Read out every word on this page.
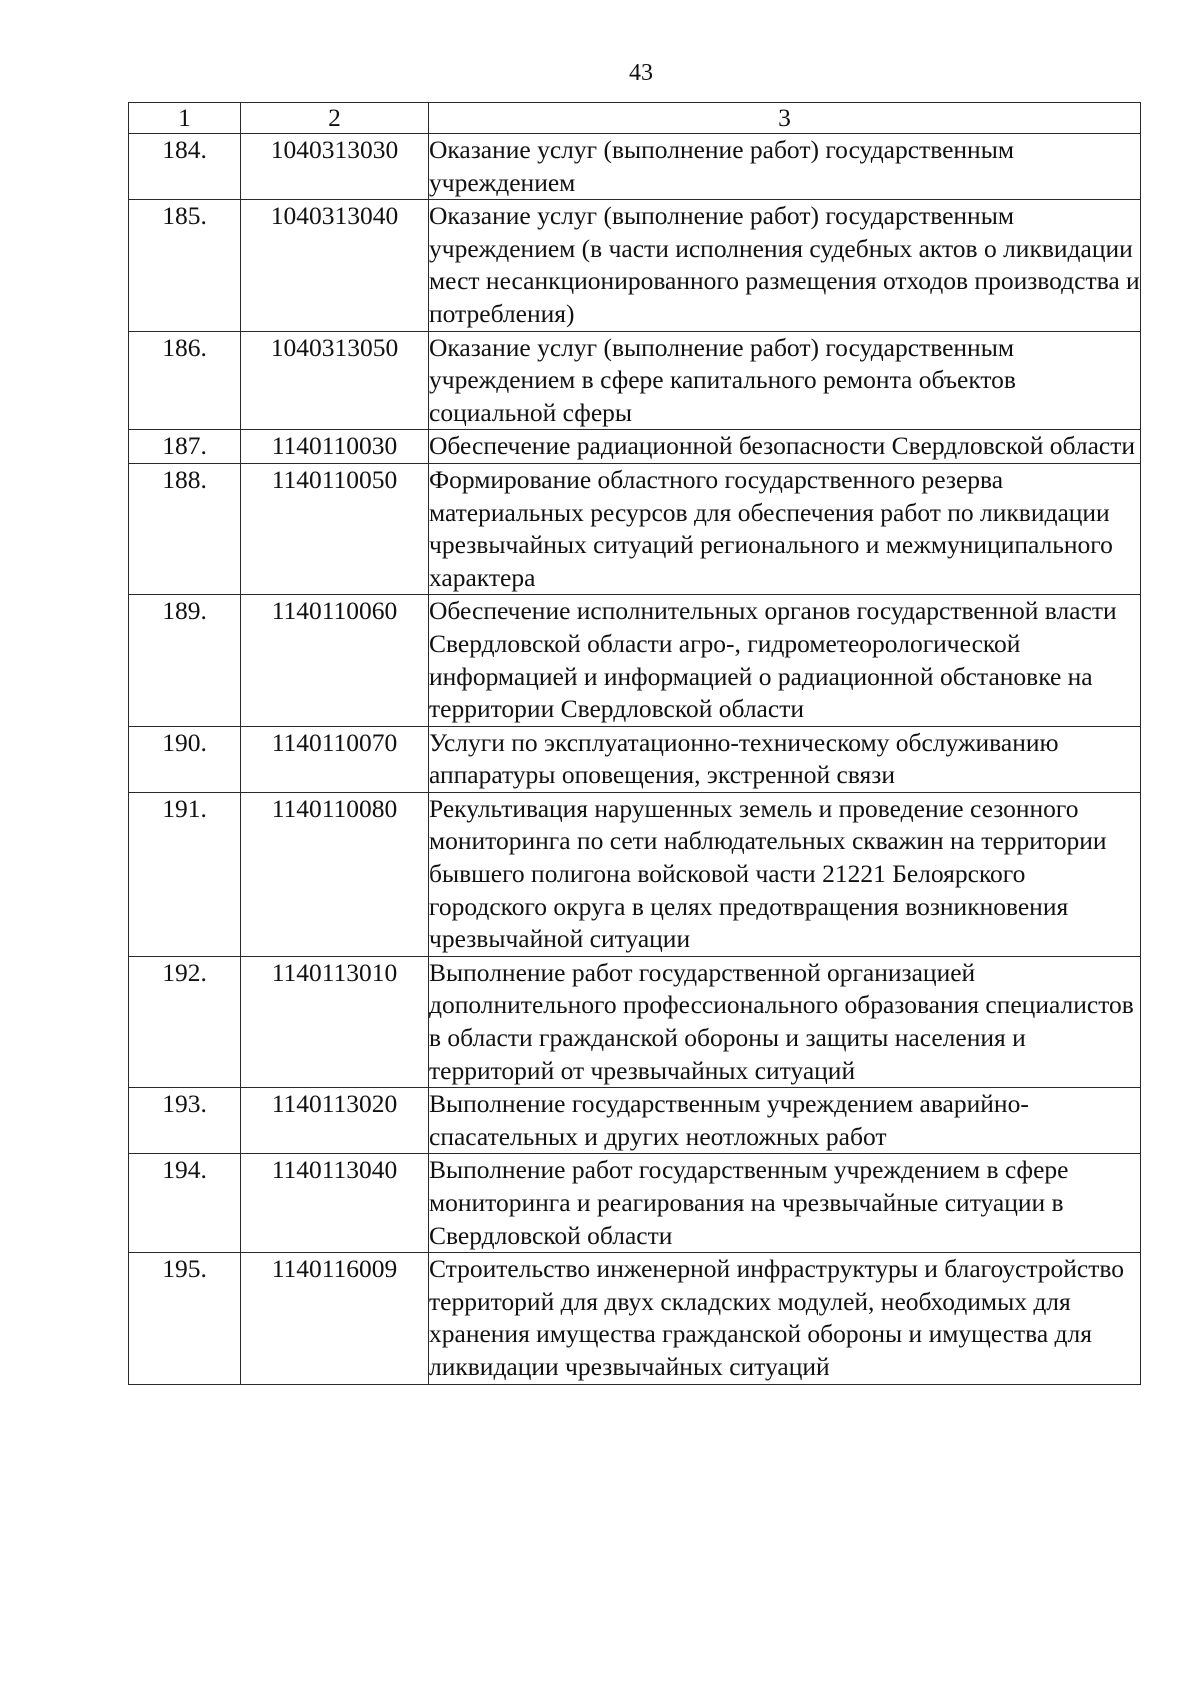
43
1	2	3
184.	1040313030	Оказание услуг (выполнение работ) государственным учреждением
185.	1040313040	Оказание услуг (выполнение работ) государственным учреждением (в части исполнения судебных актов о ликвидации мест несанкционированного размещения отходов производства и потребления)
186.	1040313050	Оказание услуг (выполнение работ) государственным учреждением в сфере капитального ремонта объектов социальной сферы
187.	1140110030	Обеспечение радиационной безопасности Свердловской области
188.	1140110050	Формирование областного государственного резерва материальных ресурсов для обеспечения работ по ликвидации чрезвычайных ситуаций регионального и межмуниципального характера
189.	1140110060	Обеспечение исполнительных органов государственной власти Свердловской области агро-, гидрометеорологической информацией и информацией о радиационной обстановке на территории Свердловской области
190.	1140110070	Услуги по эксплуатационно-техническому обслуживанию аппаратуры оповещения, экстренной связи
191.	1140110080	Рекультивация нарушенных земель и проведение сезонного мониторинга по сети наблюдательных скважин на территории бывшего полигона войсковой части 21221 Белоярского городского округа в целях предотвращения возникновения чрезвычайной ситуации
192.	1140113010	Выполнение работ государственной организацией дополнительного профессионального образования специалистов в области гражданской обороны и защиты населения и территорий от чрезвычайных ситуаций
193.	1140113020	Выполнение государственным учреждением аварийно-спасательных и других неотложных работ
194.	1140113040	Выполнение работ государственным учреждением в сфере мониторинга и реагирования на чрезвычайные ситуации в Свердловской области
195.	1140116009	Строительство инженерной инфраструктуры и благоустройство территорий для двух складских модулей, необходимых для хранения имущества гражданской обороны и имущества для ликвидации чрезвычайных ситуаций
